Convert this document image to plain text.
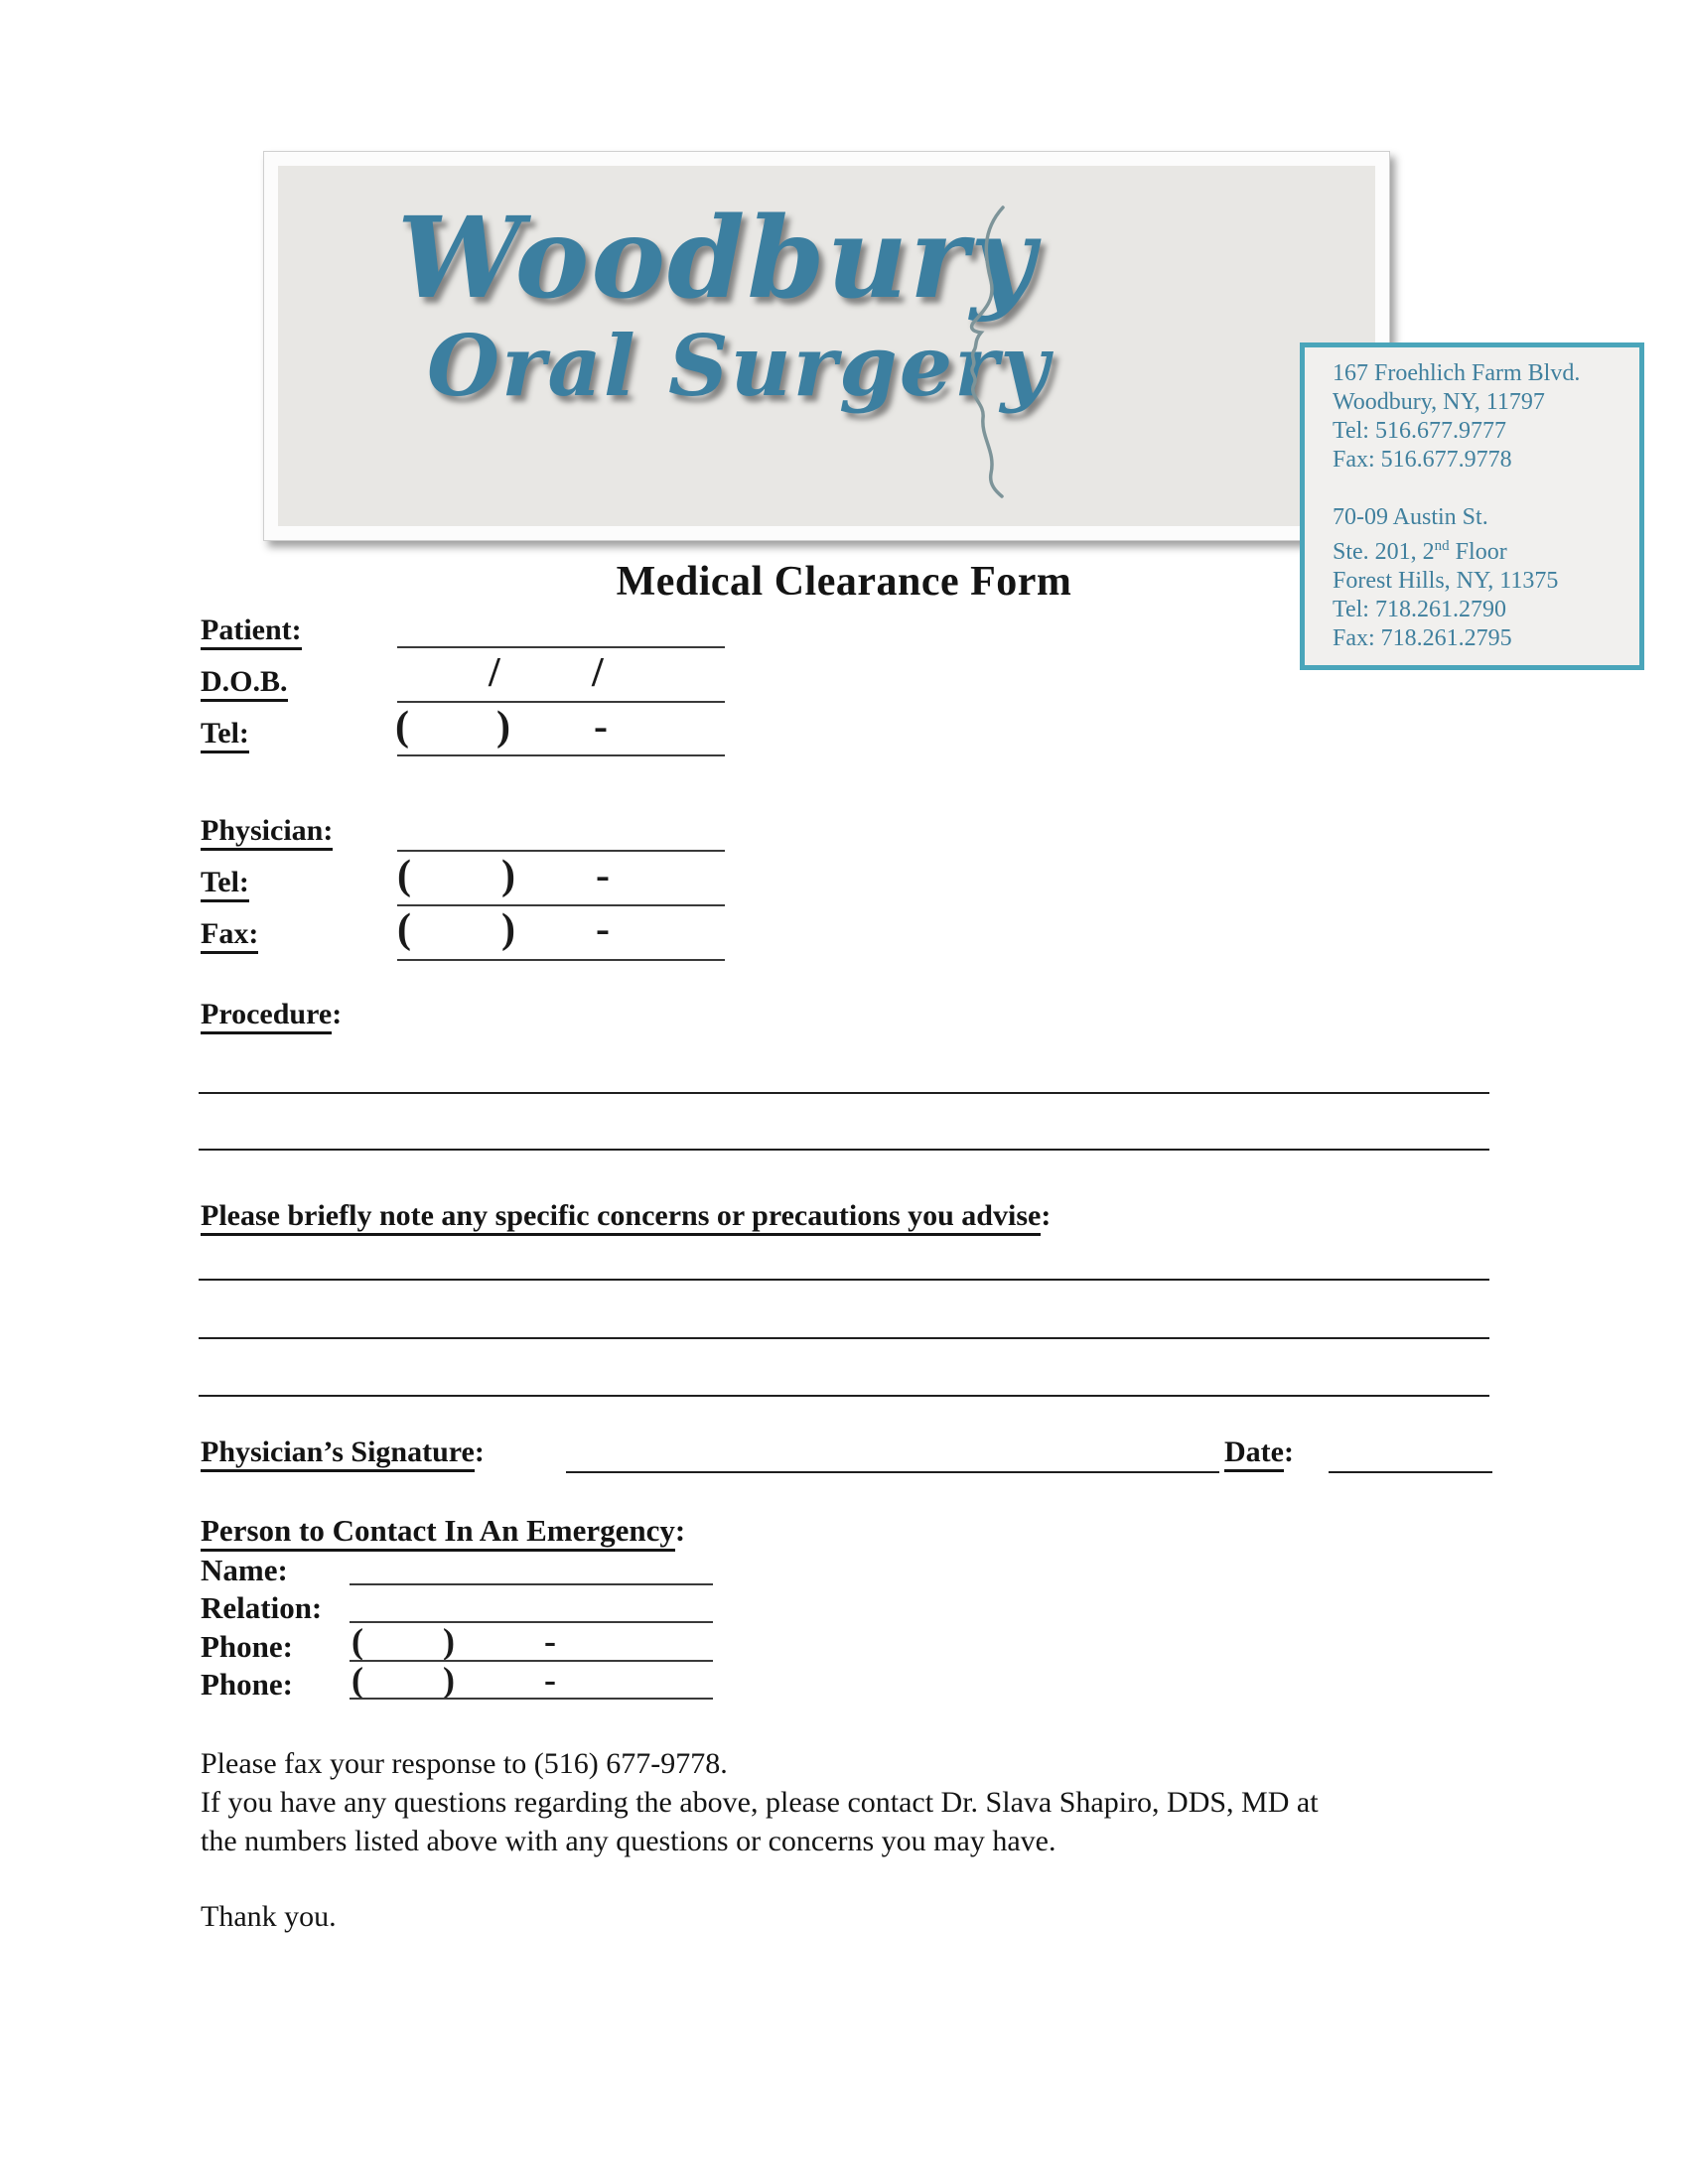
Woodbury
Oral Surgery	167 Froehlich Farm Blvd.
Woodbury, NY, 11797
Tel: 516.677.9777
Fax: 516.677.9778
70-09 Austin St.
Ste. 201, 2nd Floor
Forest Hills, NY, 11375
Tel: 718.261.2790
Fax: 718.261.2795
Medical Clearance Form
Patient:
D.O.B.	/ /
Tel:	( ) -
Physician:
Tel:	( ) -
Fax:	( ) -
Procedure:
Please briefly note any specific concerns or precautions you advise:
Physician’s Signature:	Date:
Person to Contact In An Emergency:
Name:
Relation:
Phone: ( )	-
Phone: ( )	-
Please fax your response to (516) 677-9778.
If you have any questions regarding the above, please contact Dr. Slava Shapiro, DDS, MD at
the numbers listed above with any questions or concerns you may have.
Thank you.
